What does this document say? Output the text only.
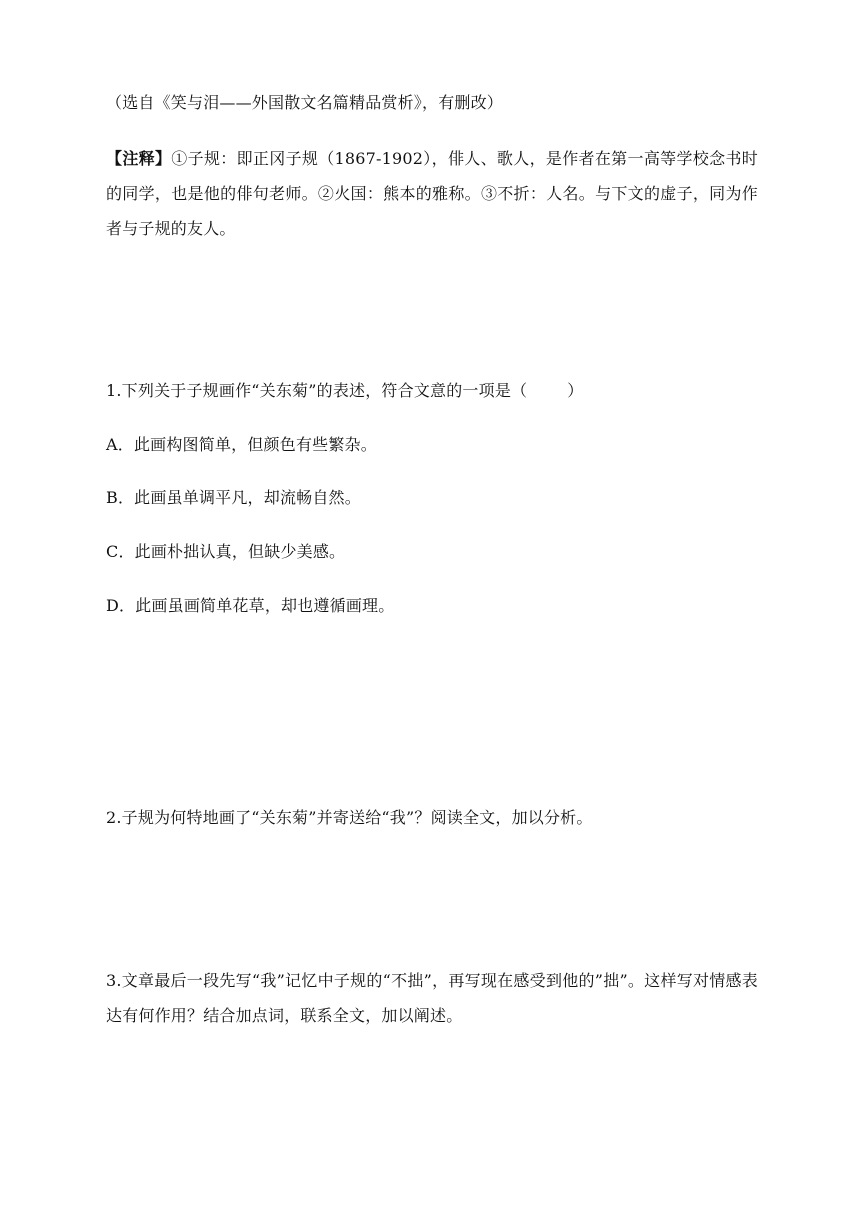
（选自《笑与泪——外国散文名篇精品赏析》，有删改）
【注释】①子规：即正冈子规（1867-1902），俳人、歌人，是作者在第一高等学校念书时的同学，也是他的俳句老师。②火国：熊本的雅称。③不折：人名。与下文的虚子，同为作者与子规的友人。
1.下列关于子规画作“关东菊”的表述，符合文意的一项是（	）
A．此画构图简单，但颜色有些繁杂。
B．此画虽单调平凡，却流畅自然。
C．此画朴拙认真，但缺少美感。
D．此画虽画简单花草，却也遵循画理。
2.子规为何特地画了“关东菊”并寄送给“我”？阅读全文，加以分析。
3.文章最后一段先写“我”记忆中子规的“不拙”，再写现在感受到他的”拙”。这样写对情感表达有何作用？结合加点词，联系全文，加以阐述。
